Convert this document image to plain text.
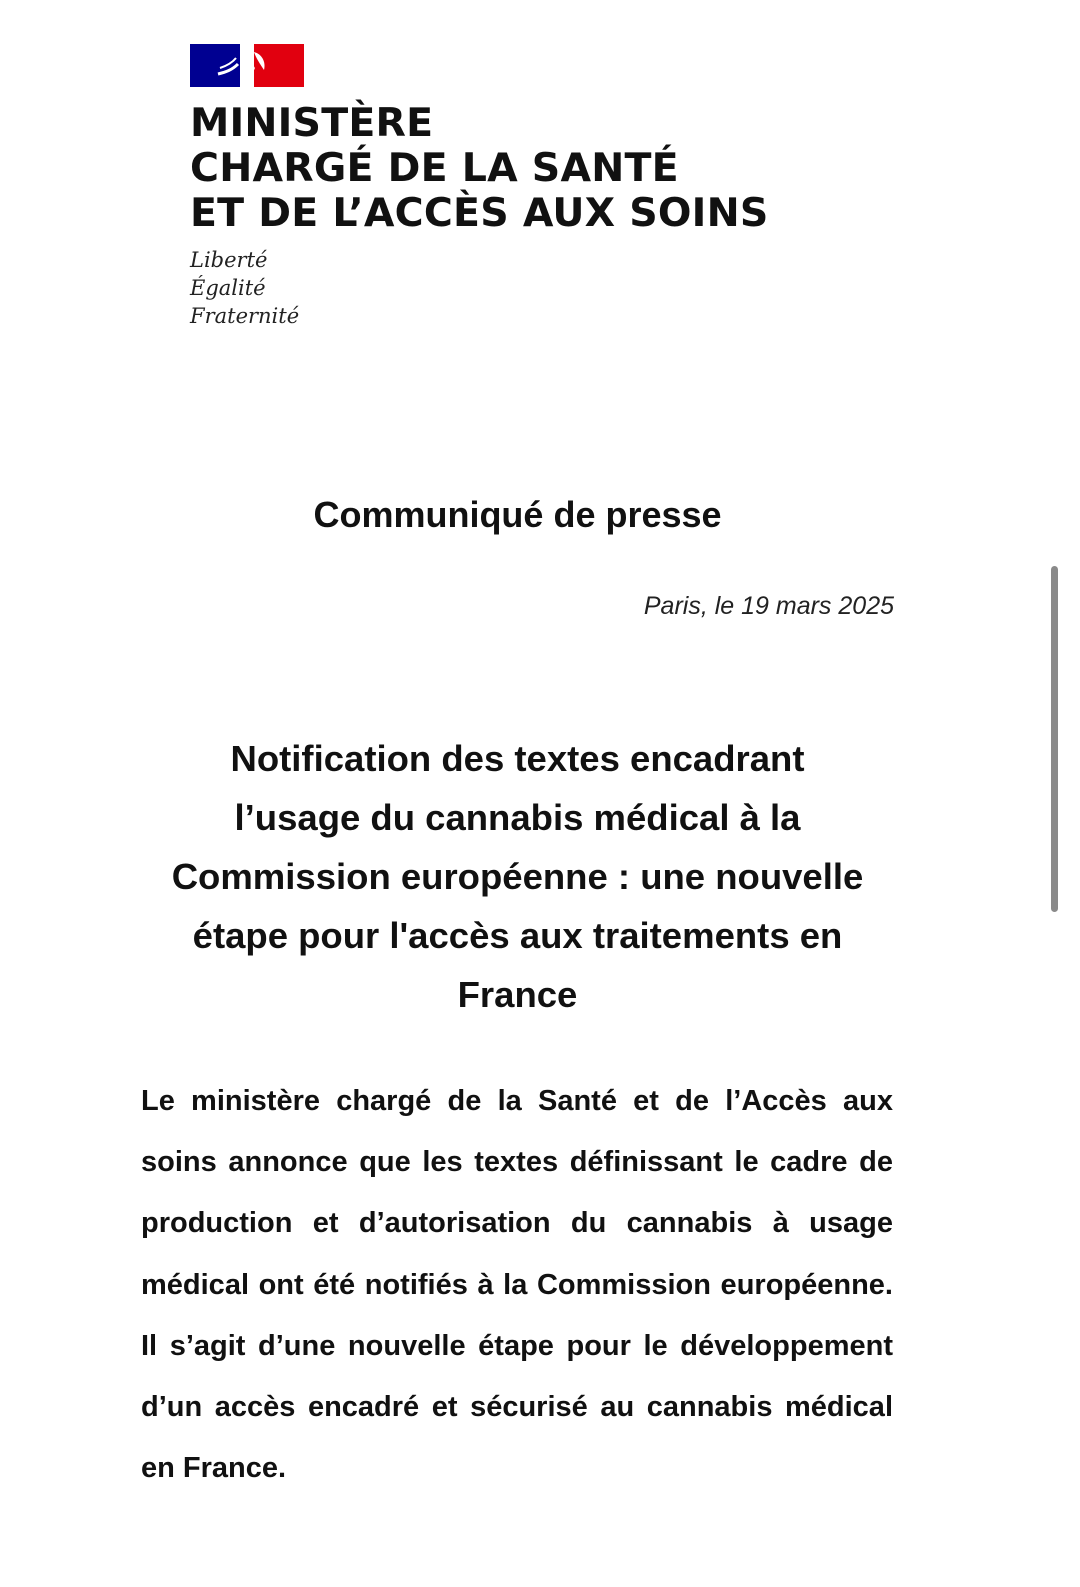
MINISTÈRE
CHARGÉ DE LA SANTÉ
ET DE L’ACCÈS AUX SOINS
Liberté
Égalité
Fraternité
Communiqué de presse
Paris, le 19 mars 2025
Notification des textes encadrant
l’usage du cannabis médical à la
Commission européenne : une nouvelle
étape pour l'accès aux traitements en
France

Le ministère chargé de la Santé et de l’Accès aux soins annonce que les textes définissant le cadre de production et d’autorisation du cannabis à usage médical ont été notifiés à la Commission européenne. Il s’agit d’une nouvelle étape pour le développement d’un accès encadré et sécurisé au cannabis médical en France.
